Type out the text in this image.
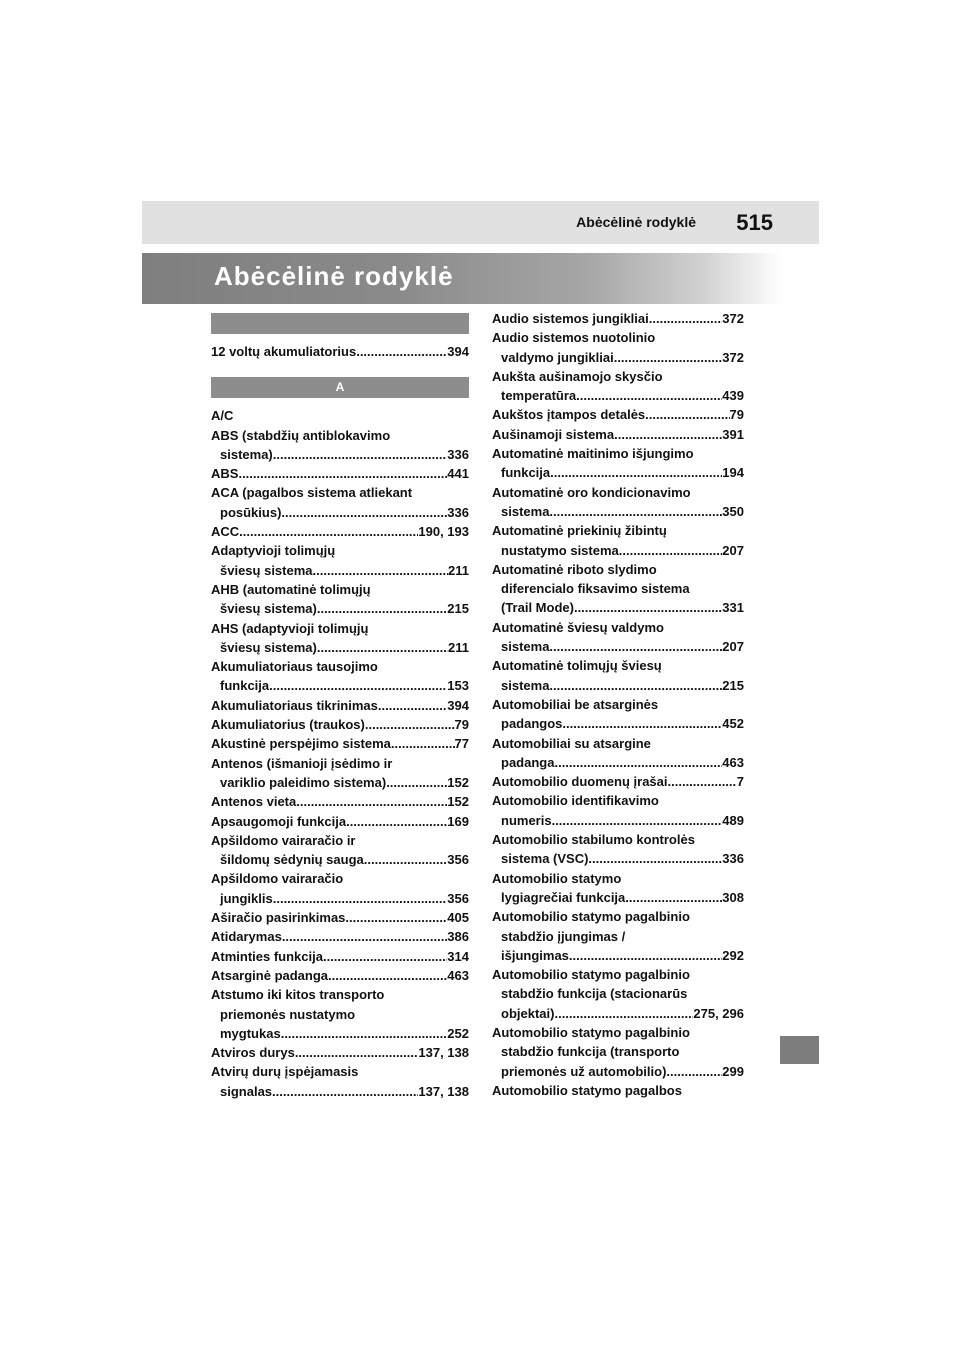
Abėcėlinė rodyklė 515
Abėcėlinė rodyklė
12 voltų akumuliatorius .....	394
A
A/C
ABS (stabdžių antiblokavimo
sistema) .....	336
ABS .....	441
ACA (pagalbos sistema atliekant
posūkius) .....	336
ACC .....	190, 193
Adaptyvioji tolimųjų
šviesų sistema .....	211
AHB (automatinė tolimųjų
šviesų sistema) .....	215
AHS (adaptyvioji tolimųjų
šviesų sistema) .....	211
Akumuliatoriaus tausojimo
funkcija .....	153
Akumuliatoriaus tikrinimas .....	394
Akumuliatorius (traukos) .....	79
Akustinė perspėjimo sistema .....	77
Antenos (išmanioji įsėdimo ir
variklio paleidimo sistema) .....	152
Antenos vieta .....	152
Apsaugomoji funkcija .....	169
Apšildomo vairaračio ir
šildomų sėdynių sauga .....	356
Apšildomo vairaračio
jungiklis .....	356
Aširačio pasirinkimas .....	405
Atidarymas .....	386
Atminties funkcija .....	314
Atsarginė padanga .....	463
Atstumo iki kitos transporto
priemonės nustatymo
mygtukas .....	252
Atviros durys .....	137, 138
Atvirų durų įspėjamasis
signalas .....	137, 138
Audio sistemos jungikliai .....	372
Audio sistemos nuotolinio
valdymo jungikliai .....	372
Aukšta aušinamojo skysčio
temperatūra .....	439
Aukštos įtampos detalės .....	79
Aušinamoji sistema .....	391
Automatinė maitinimo išjungimo
funkcija .....	194
Automatinė oro kondicionavimo
sistema .....	350
Automatinė priekinių žibintų
nustatymo sistema .....	207
Automatinė riboto slydimo
diferencialo fiksavimo sistema
(Trail Mode) .....	331
Automatinė šviesų valdymo
sistema .....	207
Automatinė tolimųjų šviesų
sistema .....	215
Automobiliai be atsarginės
padangos .....	452
Automobiliai su atsargine
padanga .....	463
Automobilio duomenų įrašai .....	7
Automobilio identifikavimo
numeris .....	489
Automobilio stabilumo kontrolės
sistema (VSC) .....	336
Automobilio statymo
lygiagrečiai funkcija .....	308
Automobilio statymo pagalbinio
stabdžio įjungimas /
išjungimas .....	292
Automobilio statymo pagalbinio
stabdžio funkcija (stacionarūs
objektai) .....	275, 296
Automobilio statymo pagalbinio
stabdžio funkcija (transporto
priemonės už automobilio) .....	299
Automobilio statymo pagalbos
